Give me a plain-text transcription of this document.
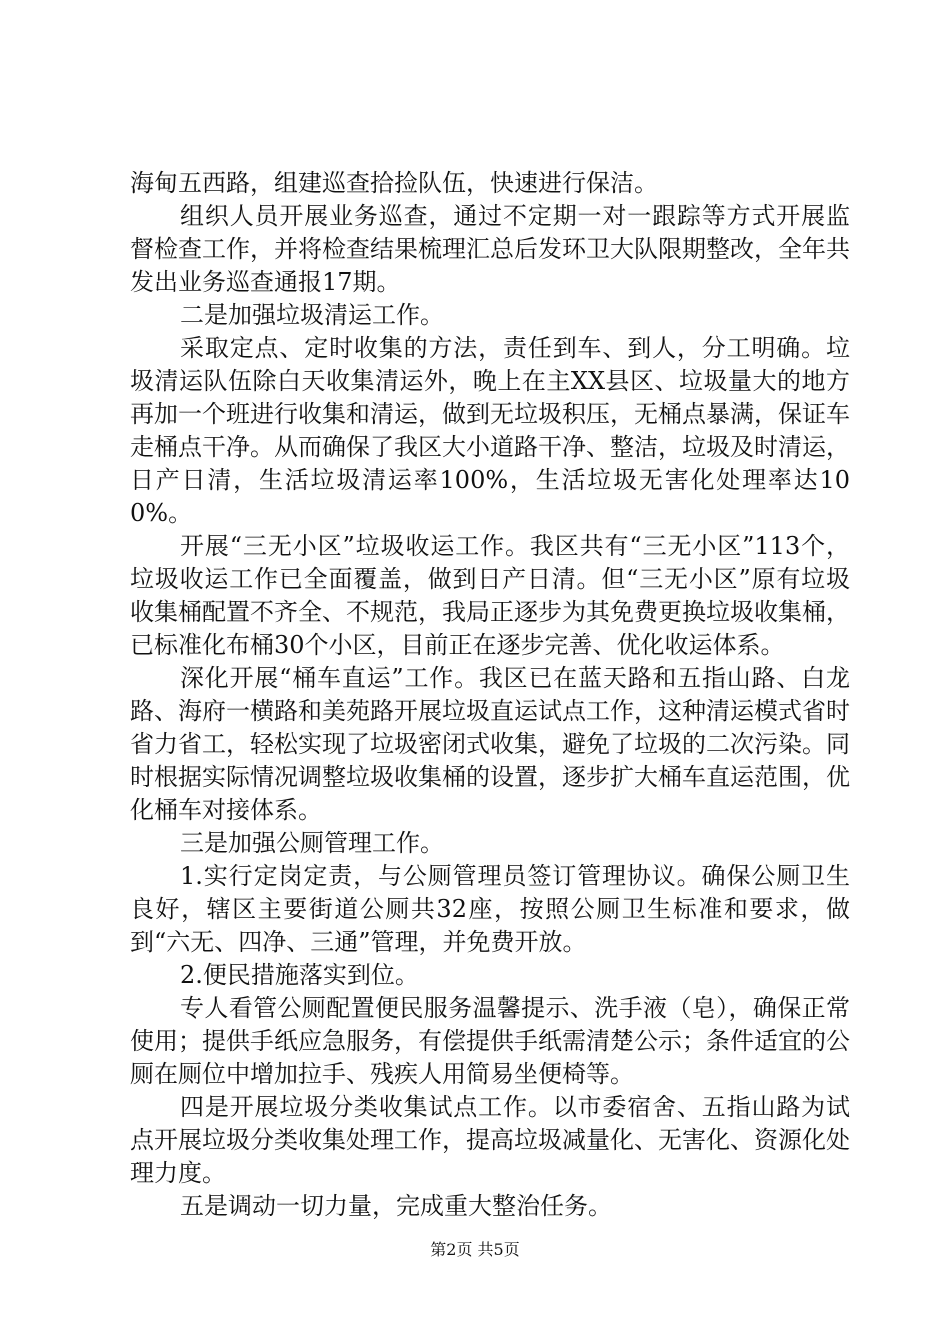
海甸五西路，组建巡查拾捡队伍，快速进行保洁。

组织人员开展业务巡查，通过不定期一对一跟踪等方式开展监督检查工作，并将检查结果梳理汇总后发环卫大队限期整改，全年共发出业务巡查通报17期。

二是加强垃圾清运工作。

采取定点、定时收集的方法，责任到车、到人，分工明确。垃圾清运队伍除白天收集清运外，晚上在主XX县区、垃圾量大的地方再加一个班进行收集和清运，做到无垃圾积压，无桶点暴满，保证车走桶点干净。从而确保了我区大小道路干净、整洁，垃圾及时清运，日产日清，生活垃圾清运率100%，生活垃圾无害化处理率达100%。

开展“三无小区”垃圾收运工作。我区共有“三无小区”113个，垃圾收运工作已全面覆盖，做到日产日清。但“三无小区”原有垃圾收集桶配置不齐全、不规范，我局正逐步为其免费更换垃圾收集桶，已标准化布桶30个小区，目前正在逐步完善、优化收运体系。

深化开展“桶车直运”工作。我区已在蓝天路和五指山路、白龙路、海府一横路和美苑路开展垃圾直运试点工作，这种清运模式省时省力省工，轻松实现了垃圾密闭式收集，避免了垃圾的二次污染。同时根据实际情况调整垃圾收集桶的设置，逐步扩大桶车直运范围，优化桶车对接体系。

三是加强公厕管理工作。

1.实行定岗定责，与公厕管理员签订管理协议。确保公厕卫生良好，辖区主要街道公厕共32座，按照公厕卫生标准和要求，做到“六无、四净、三通”管理，并免费开放。

2.便民措施落实到位。

专人看管公厕配置便民服务温馨提示、洗手液（皂），确保正常使用；提供手纸应急服务，有偿提供手纸需清楚公示；条件适宜的公厕在厕位中增加拉手、残疾人用简易坐便椅等。

四是开展垃圾分类收集试点工作。以市委宿舍、五指山路为试点开展垃圾分类收集处理工作，提高垃圾减量化、无害化、资源化处理力度。

五是调动一切力量，完成重大整治任务。

第2页 共5页
